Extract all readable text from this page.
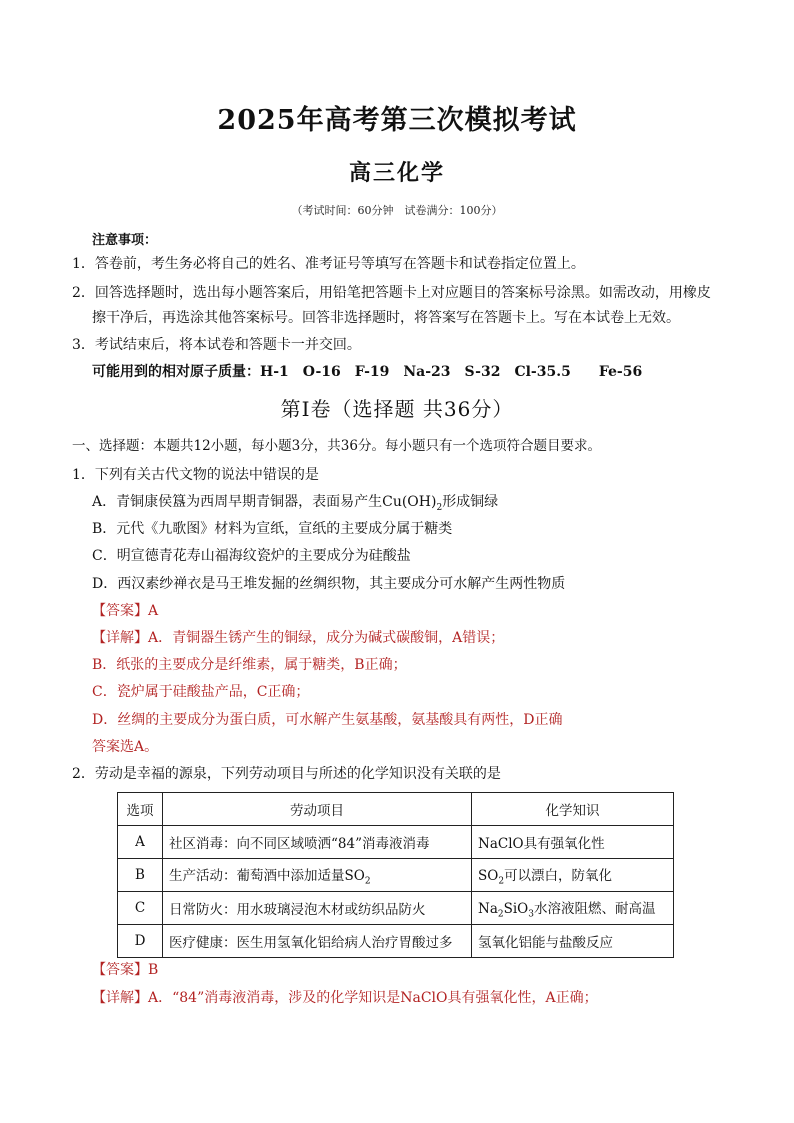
2025年高考第三次模拟考试
高三化学
（考试时间：60分钟　试卷满分：100分）
注意事项：
1．答卷前，考生务必将自己的姓名、准考证号等填写在答题卡和试卷指定位置上。
2．回答选择题时，选出每小题答案后，用铅笔把答题卡上对应题目的答案标号涂黑。如需改动，用橡皮
擦干净后，再选涂其他答案标号。回答非选择题时，将答案写在答题卡上。写在本试卷上无效。
3．考试结束后，将本试卷和答题卡一并交回。
可能用到的相对原子质量：H-1　O-16　F-19　Na-23　S-32　Cl-35.5　　Fe-56
第Ⅰ卷（选择题 共36分）
一、选择题：本题共12小题，每小题3分，共36分。每小题只有一个选项符合题目要求。
1．下列有关古代文物的说法中错误的是
A．青铜康侯簋为西周早期青铜器，表面易产生$Cu(OH)_2$形成铜绿
B．元代《九歌图》材料为宣纸，宣纸的主要成分属于糖类
C．明宣德青花寿山福海纹瓷炉的主要成分为硅酸盐
D．西汉素纱禅衣是马王堆发掘的丝绸织物，其主要成分可水解产生两性物质
【答案】A
【详解】A．青铜器生锈产生的铜绿，成分为碱式碳酸铜，A错误；
B．纸张的主要成分是纤维素，属于糖类，B正确；
C．瓷炉属于硅酸盐产品，C正确；
D．丝绸的主要成分为蛋白质，可水解产生氨基酸，氨基酸具有两性，D正确
答案选A。
2．劳动是幸福的源泉，下列劳动项目与所述的化学知识没有关联的是
选项	劳动项目	化学知识
A	社区消毒：向不同区域喷洒“84”消毒液消毒	NaClO具有强氧化性
B	生产活动：葡萄酒中添加适量$SO_2$	$SO_2$可以漂白，防氧化
C	日常防火：用水玻璃浸泡木材或纺织品防火	$Na_2SiO_3$水溶液阻燃、耐高温
D	医疗健康：医生用氢氧化铝给病人治疗胃酸过多	氢氧化铝能与盐酸反应
【答案】B
【详解】A．“84”消毒液消毒，涉及的化学知识是NaClO具有强氧化性，A正确；
